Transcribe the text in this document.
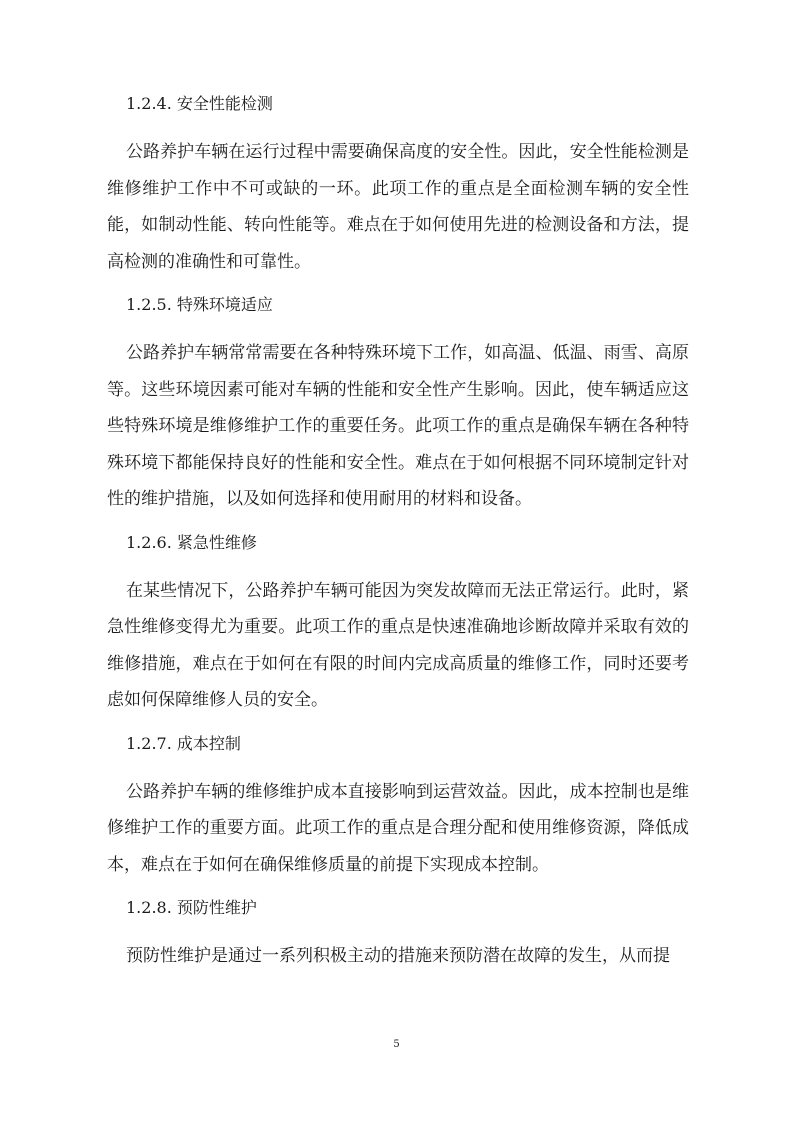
1.2.4. 安全性能检测

公路养护车辆在运行过程中需要确保高度的安全性。因此，安全性能检测是维修维护工作中不可或缺的一环。此项工作的重点是全面检测车辆的安全性能，如制动性能、转向性能等。难点在于如何使用先进的检测设备和方法，提高检测的准确性和可靠性。

1.2.5. 特殊环境适应

公路养护车辆常常需要在各种特殊环境下工作，如高温、低温、雨雪、高原等。这些环境因素可能对车辆的性能和安全性产生影响。因此，使车辆适应这些特殊环境是维修维护工作的重要任务。此项工作的重点是确保车辆在各种特殊环境下都能保持良好的性能和安全性。难点在于如何根据不同环境制定针对性的维护措施，以及如何选择和使用耐用的材料和设备。

1.2.6. 紧急性维修

在某些情况下，公路养护车辆可能因为突发故障而无法正常运行。此时，紧急性维修变得尤为重要。此项工作的重点是快速准确地诊断故障并采取有效的维修措施，难点在于如何在有限的时间内完成高质量的维修工作，同时还要考虑如何保障维修人员的安全。

1.2.7. 成本控制

公路养护车辆的维修维护成本直接影响到运营效益。因此，成本控制也是维修维护工作的重要方面。此项工作的重点是合理分配和使用维修资源，降低成本，难点在于如何在确保维修质量的前提下实现成本控制。

1.2.8. 预防性维护

预防性维护是通过一系列积极主动的措施来预防潜在故障的发生，从而提

5
